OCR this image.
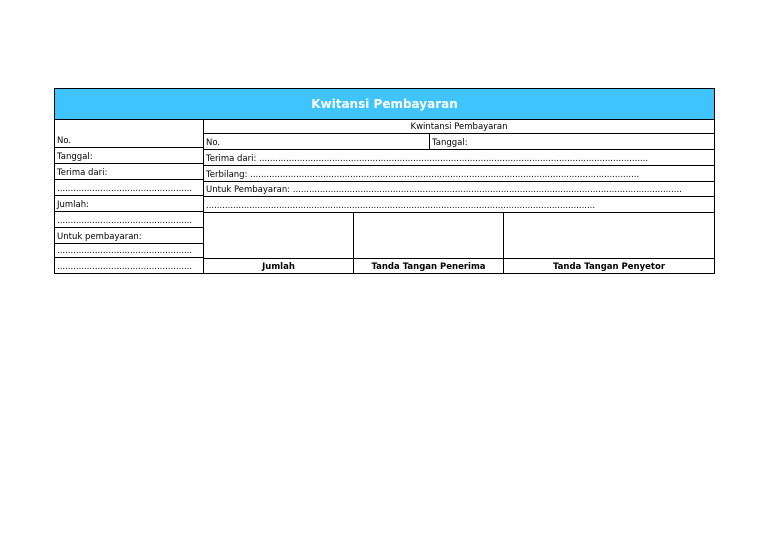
Kwitansi Pembayaran
No.
Tanggal:
Terima dari:
..................................................
Jumlah:
..................................................
Untuk pembayaran:
..................................................
..................................................
Kwintansi Pembayaran
No.	Tanggal:
Terima dari:
................................................................................................................................................
Terbilang:
................................................................................................................................................
Untuk Pembayaran:
................................................................................................................................................
................................................................................................................................................
Jumlah	Tanda Tangan Penerima	Tanda Tangan Penyetor
